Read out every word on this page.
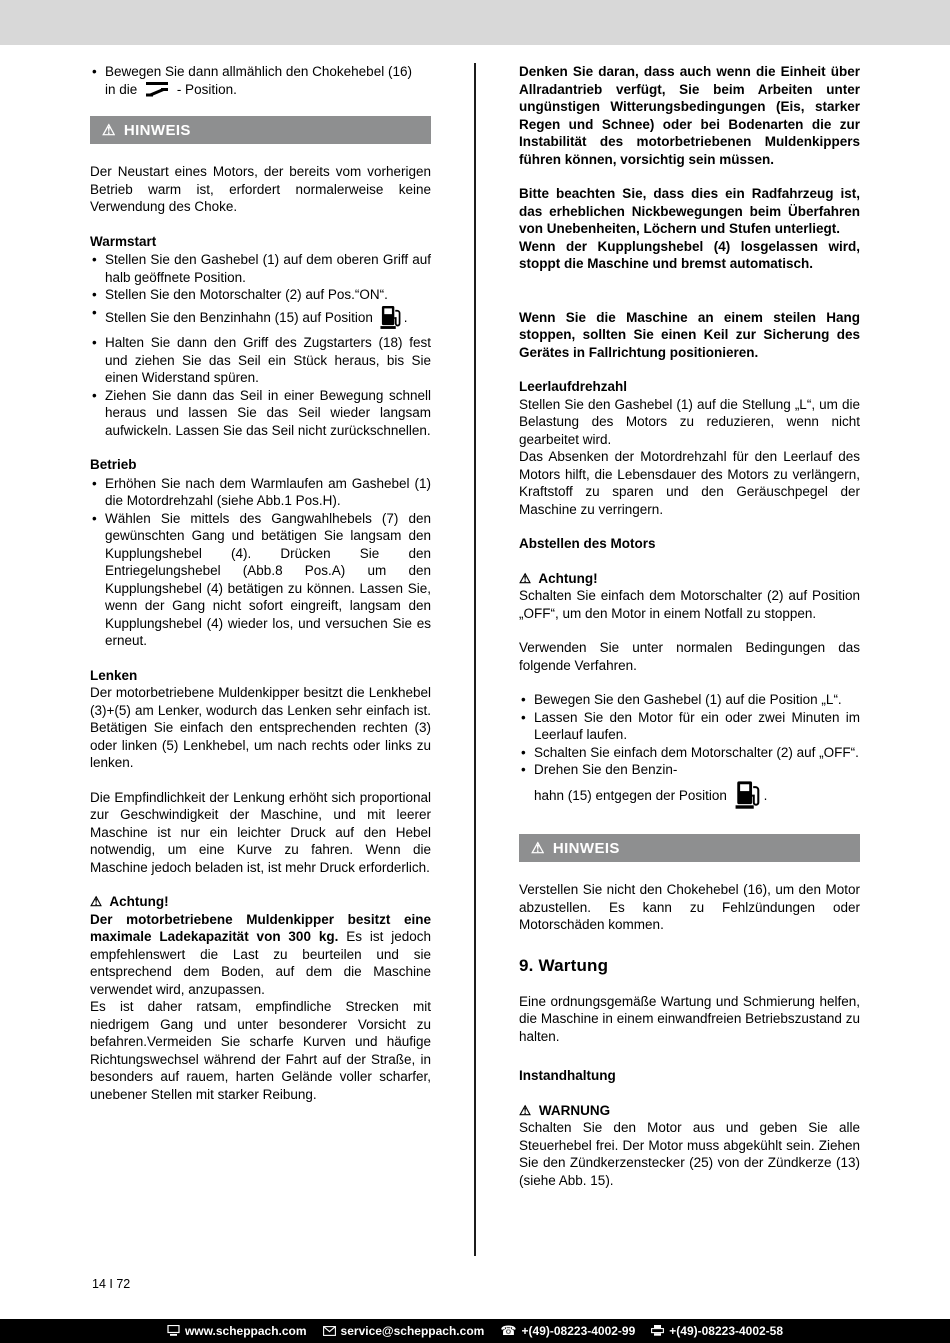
• Bewegen Sie dann allmählich den Chokehebel (16)
in die	- Position.
⚠ HINWEIS

Der Neustart eines Motors, der bereits vom vorherigen Betrieb warm ist, erfordert normalerweise keine Verwendung des Choke.

Warmstart
• Stellen Sie den Gashebel (1) auf dem oberen Griff auf halb geöffnete Position.
• Stellen Sie den Motorschalter (2) auf Pos.“ON“.
• Stellen Sie den Benzinhahn (15) auf Position .
• Halten Sie dann den Griff des Zugstarters (18) fest und ziehen Sie das Seil ein Stück heraus, bis Sie einen Widerstand spüren.
• Ziehen Sie dann das Seil in einer Bewegung schnell heraus und lassen Sie das Seil wieder langsam aufwickeln. Lassen Sie das Seil nicht zurückschnellen.
Betrieb
• Erhöhen Sie nach dem Warmlaufen am Gashebel (1) die Motordrehzahl (siehe Abb.1 Pos.H).
• Wählen Sie mittels des Gangwahlhebels (7) den gewünschten Gang und betätigen Sie langsam den Kupplungshebel (4). Drücken Sie den Entriegelungshebel (Abb.8 Pos.A) um den Kupplungshebel (4) betätigen zu können. Lassen Sie, wenn der Gang nicht sofort eingreift, langsam den Kupplungshebel (4) wieder los, und versuchen Sie es erneut.
Lenken

Der motorbetriebene Muldenkipper besitzt die Lenkhebel (3)+(5) am Lenker, wodurch das Lenken sehr einfach ist. Betätigen Sie einfach den entsprechenden rechten (3) oder linken (5) Lenkhebel, um nach rechts oder links zu lenken.

Die Empfindlichkeit der Lenkung erhöht sich proportional zur Geschwindigkeit der Maschine, und mit leerer Maschine ist nur ein leichter Druck auf den Hebel notwendig, um eine Kurve zu fahren. Wenn die Maschine jedoch beladen ist, ist mehr Druck erforderlich.

⚠ Achtung!

Der motorbetriebene Muldenkipper besitzt eine maximale Ladekapazität von 300 kg. Es ist jedoch empfehlenswert die Last zu beurteilen und sie entsprechend dem Boden, auf dem die Maschine verwendet wird, anzupassen.

Es ist daher ratsam, empfindliche Strecken mit niedrigem Gang und unter besonderer Vorsicht zu befahren.Vermeiden Sie scharfe Kurven und häufige Richtungswechsel während der Fahrt auf der Straße, in besonders auf rauem, harten Gelände voller scharfer, unebener Stellen mit starker Reibung.

Denken Sie daran, dass auch wenn die Einheit über Allradantrieb verfügt, Sie beim Arbeiten unter ungünstigen Witterungsbedingungen (Eis, starker Regen und Schnee) oder bei Bodenarten die zur Instabilität des motorbetriebenen Muldenkippers führen können, vorsichtig sein müssen.

Bitte beachten Sie, dass dies ein Radfahrzeug ist, das erheblichen Nickbewegungen beim Überfahren von Unebenheiten, Löchern und Stufen unterliegt.

Wenn der Kupplungshebel (4) losgelassen wird, stoppt die Maschine und bremst automatisch.

Wenn Sie die Maschine an einem steilen Hang stoppen, sollten Sie einen Keil zur Sicherung des Gerätes in Fallrichtung positionieren.

Leerlaufdrehzahl

Stellen Sie den Gashebel (1) auf die Stellung „L“, um die Belastung des Motors zu reduzieren, wenn nicht gearbeitet wird.

Das Absenken der Motordrehzahl für den Leerlauf des Motors hilft, die Lebensdauer des Motors zu verlängern, Kraftstoff zu sparen und den Geräuschpegel der Maschine zu verringern.

Abstellen des Motors

⚠ Achtung!

Schalten Sie einfach dem Motorschalter (2) auf Position „OFF“, um den Motor in einem Notfall zu stoppen.

Verwenden Sie unter normalen Bedingungen das folgende Verfahren.

• Bewegen Sie den Gashebel (1) auf die Position „L“.
• Lassen Sie den Motor für ein oder zwei Minuten im Leerlauf laufen.
• Schalten Sie einfach dem Motorschalter (2) auf „OFF“.
• Drehen Sie den Benzin-
hahn (15) entgegen der Position	.
⚠ HINWEIS

Verstellen Sie nicht den Chokehebel (16), um den Motor abzustellen. Es kann zu Fehlzündungen oder Motorschäden kommen.

9. Wartung

Eine ordnungsgemäße Wartung und Schmierung helfen, die Maschine in einem einwandfreien Betriebszustand zu halten.

Instandhaltung

⚠ WARNUNG

Schalten Sie den Motor aus und geben Sie alle Steuerhebel frei. Der Motor muss abgekühlt sein. Ziehen Sie den Zündkerzenstecker (25) von der Zündkerze (13) (siehe Abb. 15).

14 I 72
www.scheppach.com	service@scheppach.com ☎ +(49)-08223-4002-99	+(49)-08223-4002-58
